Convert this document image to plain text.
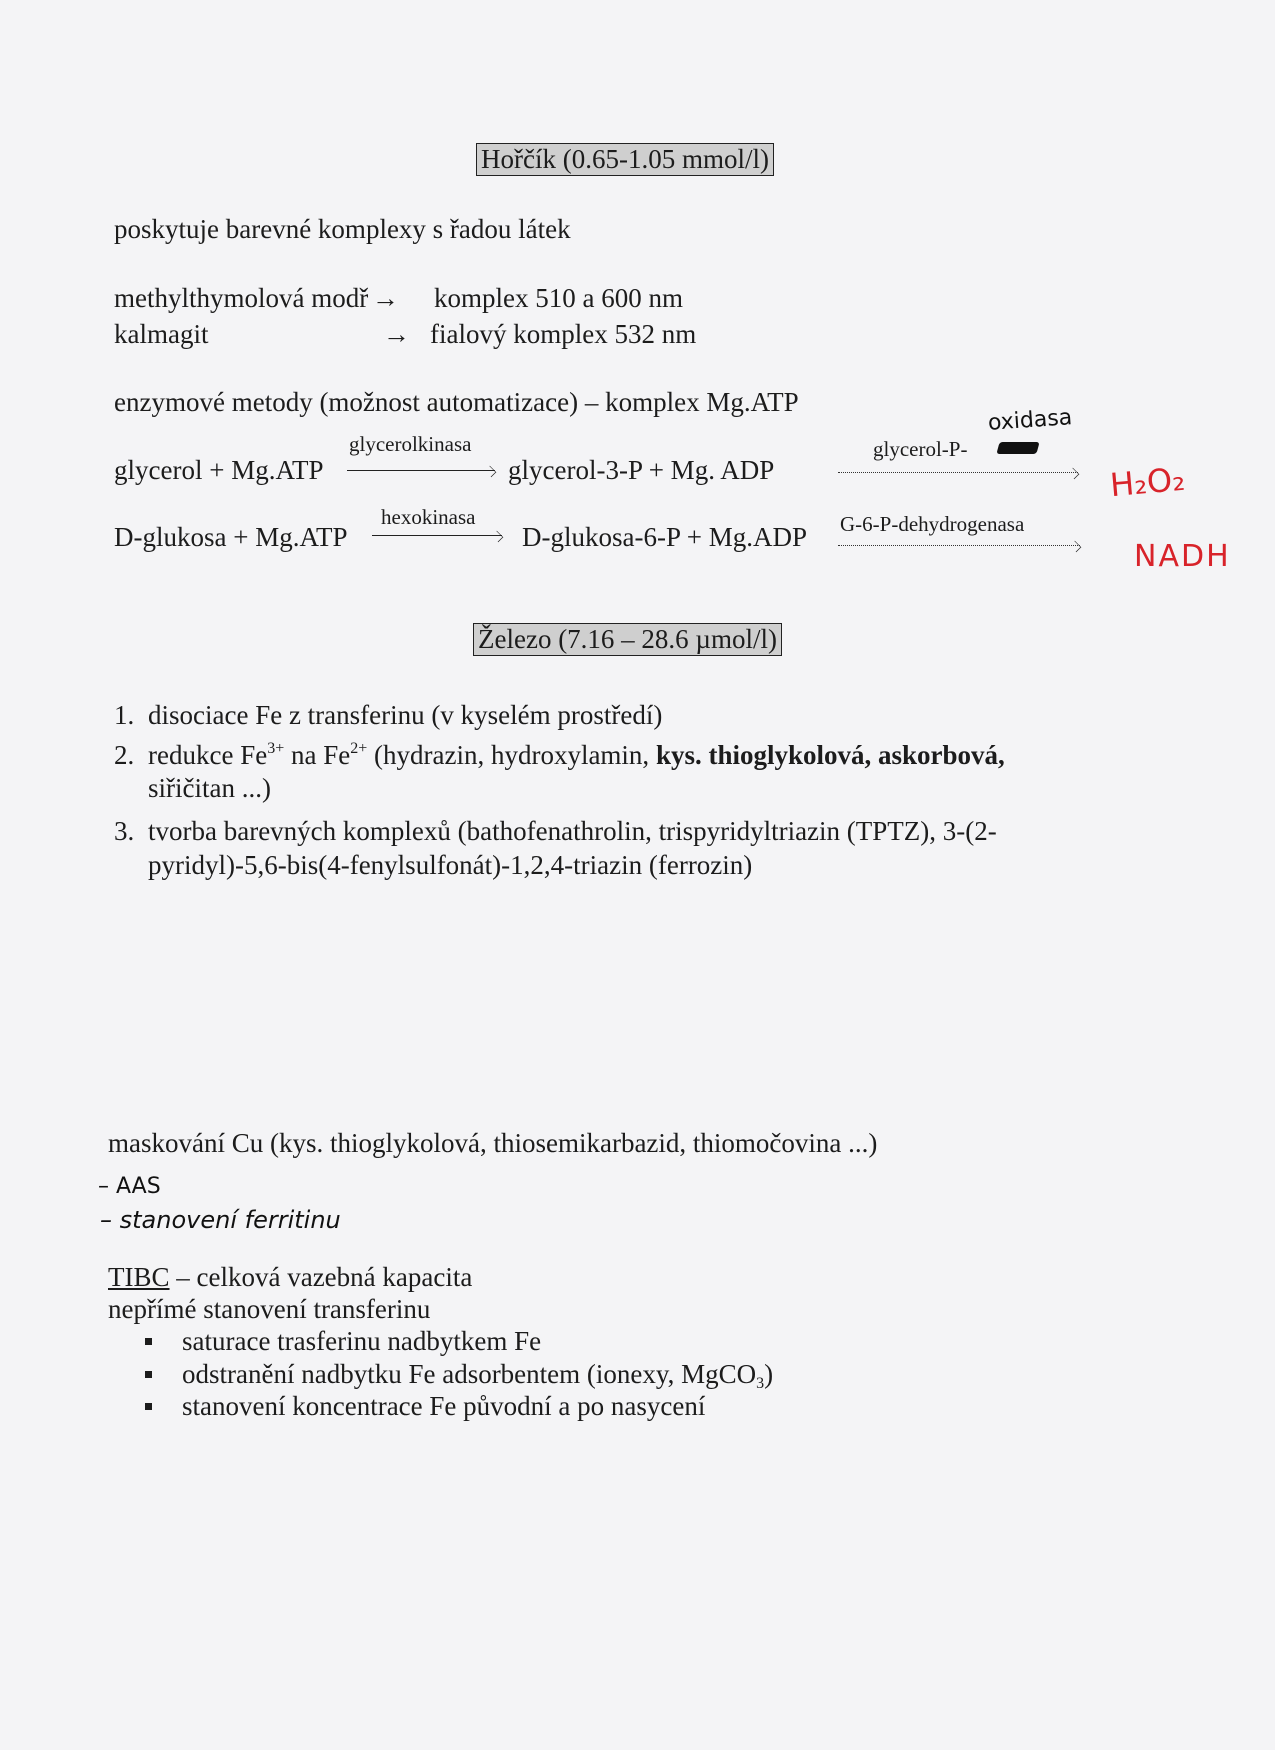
Hořčík (0.65-1.05 mmol/l)
poskytuje barevné komplexy s řadou látek
methylthymolová modř → komplex 510 a 600 nm
kalmagit	→ fialový komplex 532 nm
enzymové metody (možnost automatizace) – komplex Mg.ATP
glycerol + Mg.ATP
glycerolkinasa
glycerol-3-P + Mg. ADP
glycerol-P-
oxidasa
H₂O₂
D-glukosa + Mg.ATP
hexokinasa
D-glukosa-6-P + Mg.ADP G-6-P-dehydrogenasa
NADH
Železo (7.16 – 28.6 µmol/l)
1. disociace Fe z transferinu (v kyselém prostředí)
2. redukce $Fe^{3+}$ na $Fe^{2+}$ (hydrazin, hydroxylamin, kys. thioglykolová, askorbová,
siřičitan ...)
3. tvorba barevných komplexů (bathofenathrolin, trispyridyltriazin (TPTZ), 3-(2-
pyridyl)-5,6-bis(4-fenylsulfonát)-1,2,4-triazin (ferrozin)
maskování Cu (kys. thioglykolová, thiosemikarbazid, thiomočovina ...)
– AAS
– stanovení ferritinu
TIBC – celková vazebná kapacita
nepřímé stanovení transferinu
saturace trasferinu nadbytkem Fe
odstranění nadbytku Fe adsorbentem (ionexy, MgCO$_3$)
stanovení koncentrace Fe původní a po nasycení
